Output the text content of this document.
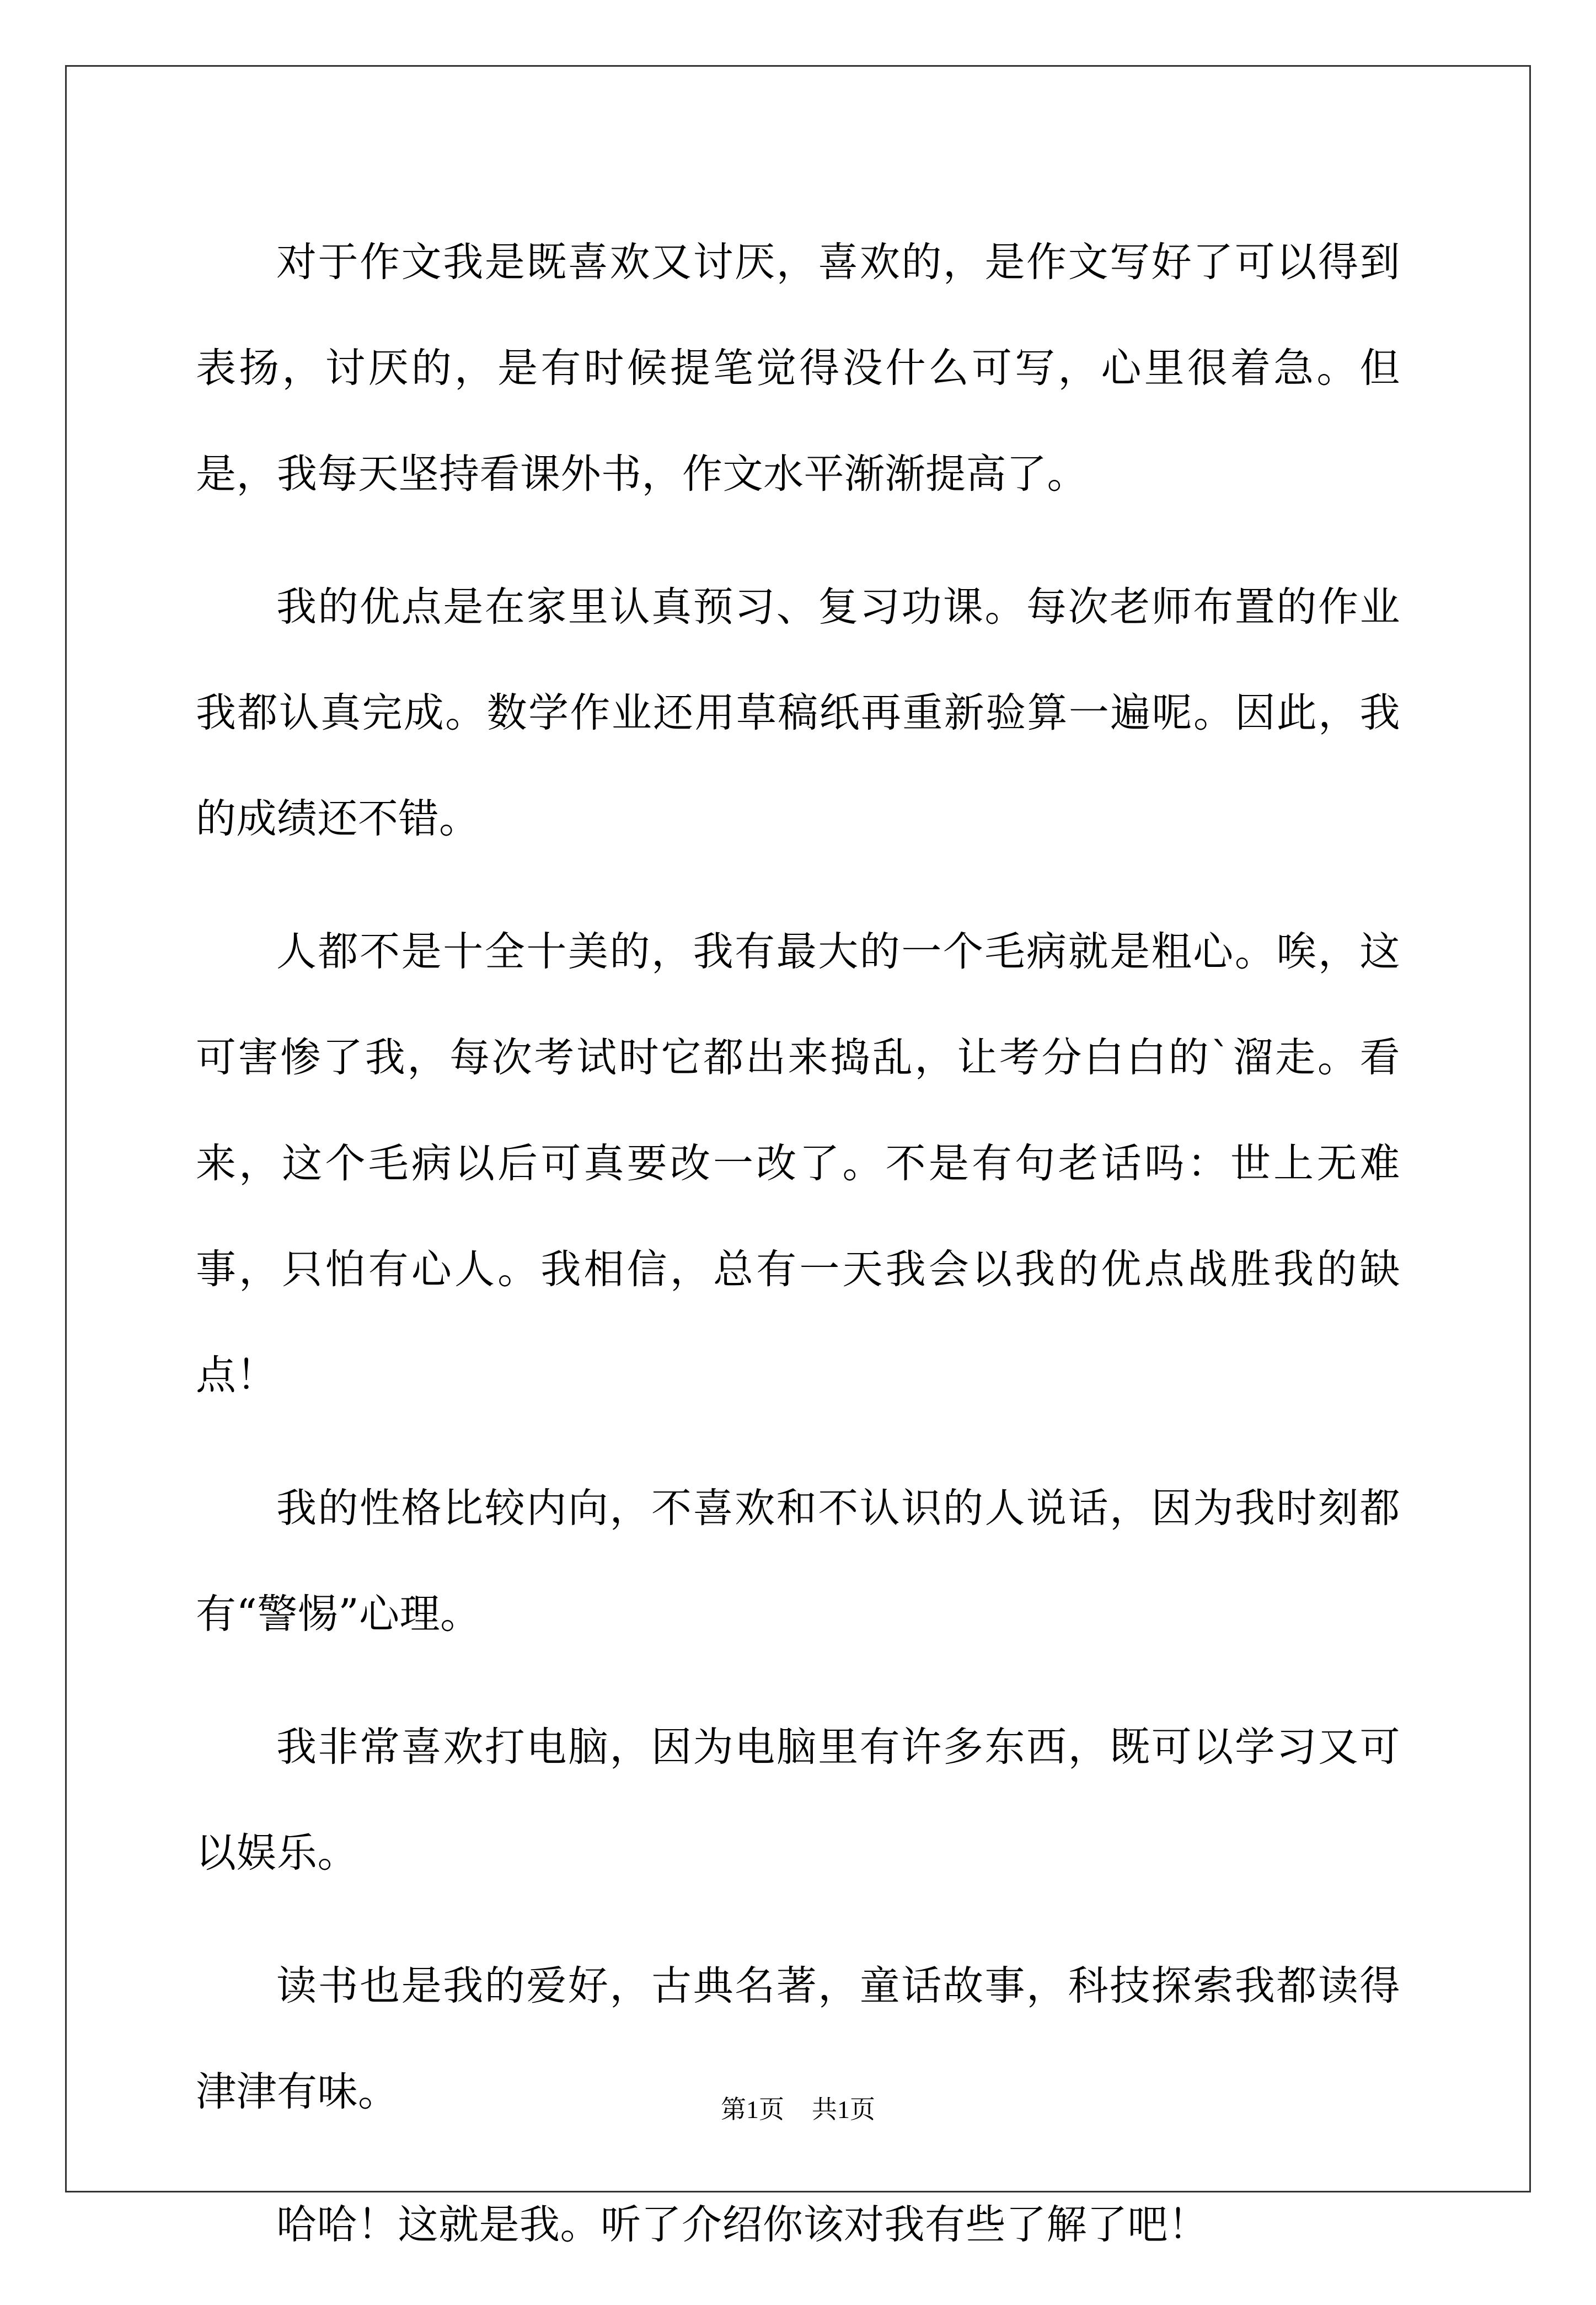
对于作文我是既喜欢又讨厌，喜欢的，是作文写好了可以得到表扬，讨厌的，是有时候提笔觉得没什么可写，心里很着急。但是，我每天坚持看课外书，作文水平渐渐提高了。

我的优点是在家里认真预习、复习功课。每次老师布置的作业我都认真完成。数学作业还用草稿纸再重新验算一遍呢。因此，我的成绩还不错。

人都不是十全十美的，我有最大的一个毛病就是粗心。唉，这可害惨了我，每次考试时它都出来捣乱，让考分白白的`溜走。看来，这个毛病以后可真要改一改了。不是有句老话吗：世上无难事，只怕有心人。我相信，总有一天我会以我的优点战胜我的缺点！

我的性格比较内向，不喜欢和不认识的人说话，因为我时刻都有“警惕”心理。

我非常喜欢打电脑，因为电脑里有许多东西，既可以学习又可以娱乐。

读书也是我的爱好，古典名著，童话故事，科技探索我都读得津津有味。

哈哈！这就是我。听了介绍你该对我有些了解了吧！

第1页 共1页
